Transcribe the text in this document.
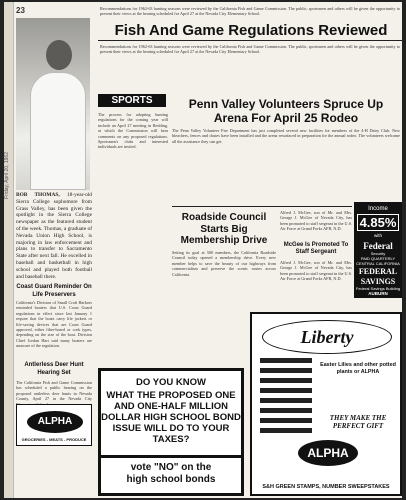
23
Friday, April 20, 1962	BOB THOMAS, 18-year-old Sierra College sophomore from Grass Valley, has been given the spotlight in the Sierra College newspaper as the featured student of the week. Thomas, a graduate of Nevada Union High School, is majoring in law enforcement and plans to transfer to Sacramento State after next fall. He excelled in baseball and basketball in high school and played both football and baseball there.
Coast Guard Reminder On Life Preservers
California's Division of Small Craft Harbors reminded boaters that U.S. Coast Guard regulations in effect since last January 1 require that the boats carry life jackets or life-saving devices that are Coast Guard approved, either fiber-board or cork types, depending on the size of the boat. Division Chief Jordan Hart said many boaters are unaware of the regulation.
Antlerless Deer Hunt Hearing Set
The California Fish and Game Commission has scheduled a public hearing on the proposed antlerless deer hunts in Nevada County, April 27 in the Nevada City
ALPHA
GROCERIES - MEATS - PRODUCE
Recommendations for 1962-63 hunting seasons were reviewed by the California Fish and Game Commission. The public, sportsmen and others will be given the opportunity to present their views at the hearing scheduled for April 27 at the Nevada City Elementary School.
Fish And Game Regulations Reviewed
Recommendations for 1962-63 hunting seasons were reviewed by the California Fish and Game Commission. The public, sportsmen and others will be given the opportunity to present their views at the hearing scheduled for April 27 at the Nevada City Elementary School.
SPORTS
The process for adopting hunting regulations for the coming year will include an April 27 meeting in Redding, at which the Commission will hear comments on any proposed regulations. Sportsmen's clubs and interested individuals are invited.
Penn Valley Volunteers Spruce Up Arena For April 25 Rodeo
The Penn Valley Volunteer Fire Department has just completed several new facilities for members of the 4-H Dairy Club. New bleachers, fences and chutes have been installed and the arena resurfaced in preparation for the annual rodeo. The volunteers welcome all the assistance they can get.
Roadside Council Starts Big Membership Drive
Setting its goal at 500 members, the California Roadside Council today opened a membership drive. Every new member helps to save the beauty of our highways from commercialism and preserve the scenic routes across California.
Alfred J. McGee, son of Mr. and Mrs. George J. McGee of Nevada City, has been promoted to staff sergeant in the U.S. Air Force at Grand Forks AFB, N.D.
McGee Is Promoted To Staff Sergeant
Alfred J. McGee, son of Mr. and Mrs. George J. McGee of Nevada City, has been promoted to staff sergeant in the U.S. Air Force at Grand Forks AFB, N.D.
Income
4.85%
with
Federal
Security
PAID QUARTERLY
CENTRAL CALIFORNIA
FEDERAL
SAVINGS
Federal Savings Building
AUBURN
DO YOU KNOW
WHAT THE PROPOSED ONE AND ONE-HALF MILLION DOLLAR HIGH SCHOOL BOND ISSUE WILL DO TO YOUR TAXES?
vote "NO" on the
high school bonds
Liberty
Easter Lilies and other potted plants or ALPHA
THEY MAKE THE PERFECT GIFT
ALPHA
S&H GREEN STAMPS, NUMBER SWEEPSTAKES
